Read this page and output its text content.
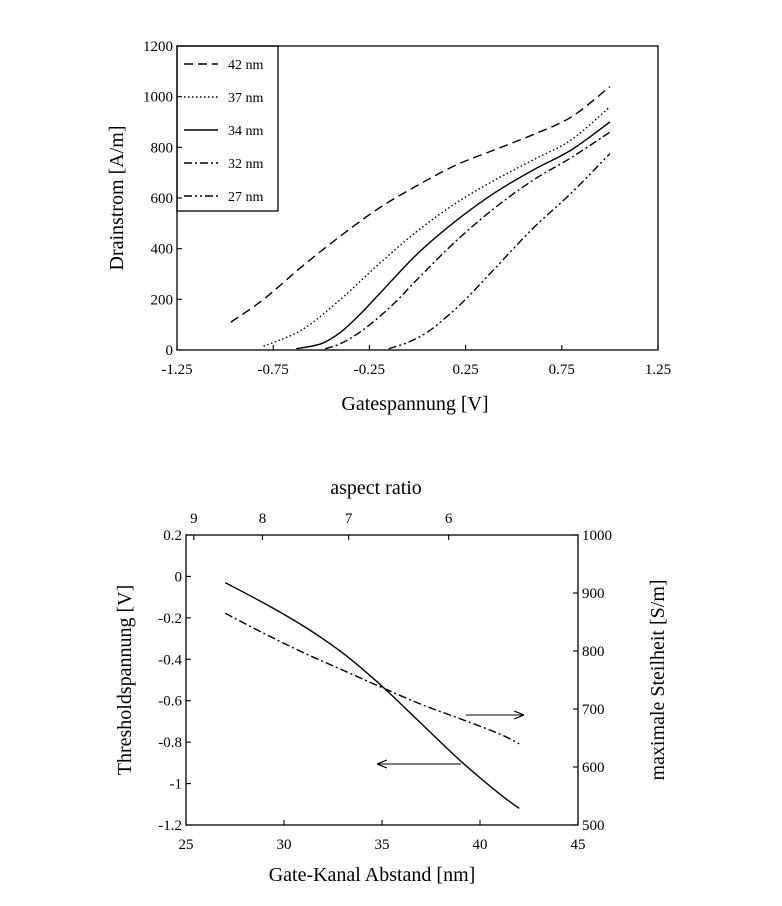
-1.25	-0.75	-0.25	0.25	0.75	1.25
0
200
400
600
800
1000
1200
42 nm
37 nm
34 nm
32 nm
27 nm
Gatespannung [V]
Drainstrom [A/m]
25	30	35	40	45
0.2
0
-0.2
-0.4
-0.6
-0.8
-1
-1.2
1000
900
800
700
600
500
9	8	7	6
aspect ratio
Gate-Kanal Abstand [nm]
Thresholdspannung [V]	maximale Steilheit [S/m]
